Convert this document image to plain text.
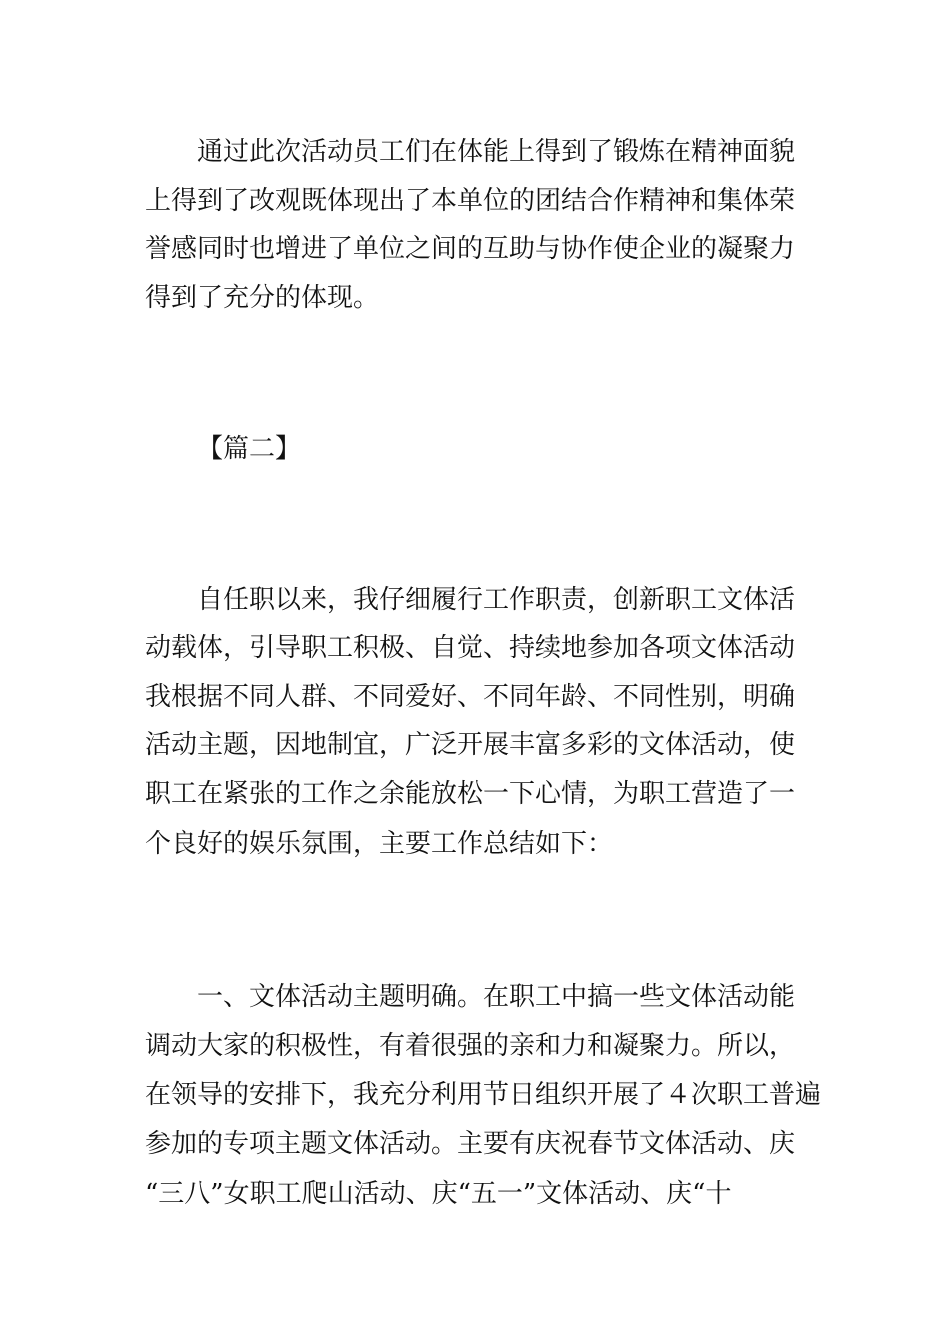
通过此次活动员工们在体能上得到了锻炼在精神面貌
上得到了改观既体现出了本单位的团结合作精神和集体荣
誉感同时也增进了单位之间的互助与协作使企业的凝聚力
得到了充分的体现。
【篇二】
自任职以来，我仔细履行工作职责，创新职工文体活
动载体，引导职工积极、自觉、持续地参加各项文体活动
我根据不同人群、不同爱好、不同年龄、不同性别，明确
活动主题，因地制宜，广泛开展丰富多彩的文体活动，使
职工在紧张的工作之余能放松一下心情，为职工营造了一
个良好的娱乐氛围，主要工作总结如下：
一、文体活动主题明确。在职工中搞一些文体活动能
调动大家的积极性，有着很强的亲和力和凝聚力。所以，
在领导的安排下，我充分利用节日组织开展了４次职工普遍
参加的专项主题文体活动。主要有庆祝春节文体活动、庆
“三八”女职工爬山活动、庆“五一”文体活动、庆“十
